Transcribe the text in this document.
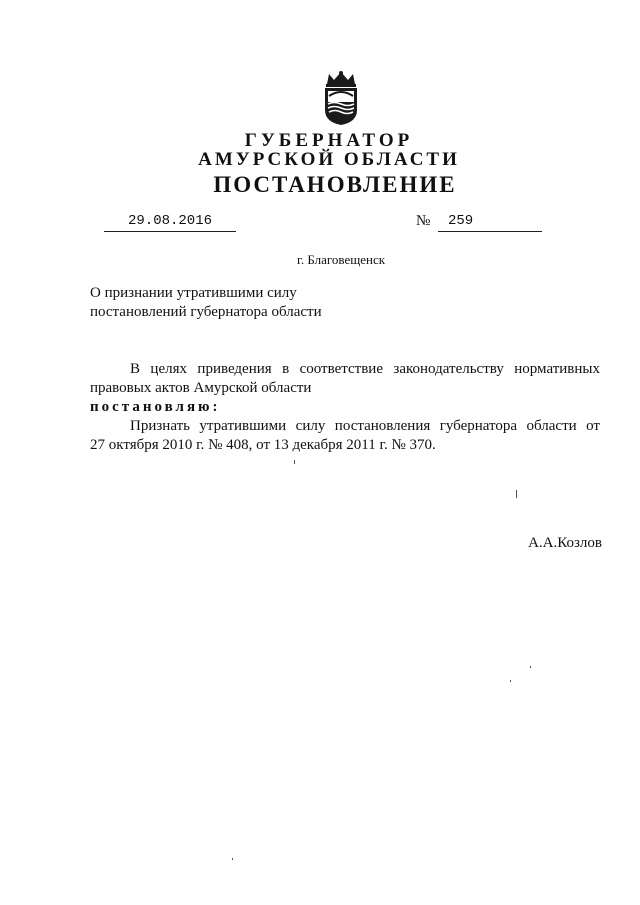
ГУБЕРНАТОР
АМУРСКОЙ ОБЛАСТИ
ПОСТАНОВЛЕНИЕ
29.08.2016	№	259
г. Благовещенск
О признании утратившими силу
постановлений губернатора области

В целях приведения в соответствие законодательству нормативных

правовых актов Амурской области

постановляю:

Признать утратившими силу постановления губернатора области от

27 октября 2010 г. № 408, от 13 декабря 2011 г. № 370.

А.А.Козлов
